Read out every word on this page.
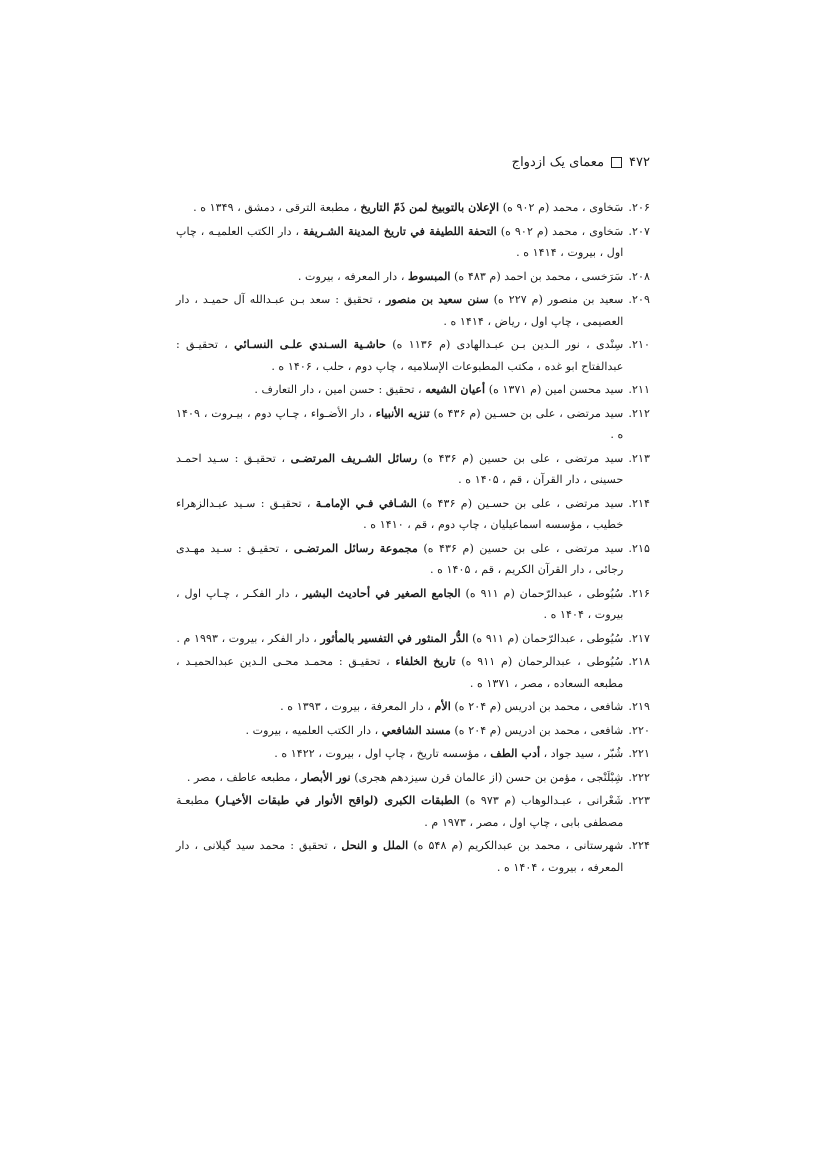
۴۷۲
معمای یک ازدواج
۲۰۶.
سَخاوی ، محمد (م ۹۰۲ ه) الإعلان بالتوبیخ لمن ذَمّ التاریخ ، مطبعة الترقی ، دمشق ، ۱۳۴۹ ه .
۲۰۷.
سَخاوی ، محمد (م ۹۰۲ ه) التحفة اللطیفة في تاریخ المدینة الشـریفة ، دار الکتب العلمیـه ، چاپ اول ، بیروت ، ۱۴۱۴ ه .
۲۰۸.
سَرَخسی ، محمد بن احمد (م ۴۸۳ ه) المبسوط ، دار المعرفه ، بیروت .
۲۰۹.
سعید بن منصور (م ۲۲۷ ه) سنن سعید بن منصور ، تحقیق : سعد بـن عبـدالله آل حمیـد ، دار العصیمی ، چاپ اول ، ریاض ، ۱۴۱۴ ه .
۲۱۰.
سِنْدی ، نور الـدین بـن عبـدالهادی (م ۱۱۳۶ ه) حاشـیة السـندي علـی النسـائي ، تحقیـق : عبدالفتاح ابو غده ، مکتب المطبوعات الإسلامیه ، چاپ دوم ، حلب ، ۱۴۰۶ ه .
۲۱۱.
سید محسن امین (م ۱۳۷۱ ه) أعیان الشیعه ، تحقیق : حسن امین ، دار التعارف .
۲۱۲.
سید مرتضی ، علی بن حسـین (م ۴۳۶ ه) تنزیه الأنبیاء ، دار الأضـواء ، چـاپ دوم ، بیـروت ، ۱۴۰۹ ه .
۲۱۳.
سید مرتضی ، علی بن حسین (م ۴۳۶ ه) رسائل الشـریف المرتضـی ، تحقیـق : سـید احمـد حسینی ، دار القرآن ، قم ، ۱۴۰۵ ه .
۲۱۴.
سید مرتضی ، علی بن حسـین (م ۴۳۶ ه) الشـافي فـي الإمامـة ، تحقیـق : سـید عبـدالزهراء خطیب ، مؤسسه اسماعیلیان ، چاپ دوم ، قم ، ۱۴۱۰ ه .
۲۱۵.
سید مرتضی ، علی بن حسین (م ۴۳۶ ه) مجموعة رسائل المرتضـی ، تحقیـق : سـید مهـدی رجائی ، دار القرآن الکریم ، قم ، ۱۴۰۵ ه .
۲۱۶.
سُیُوطی ، عبدالرّحمان (م ۹۱۱ ه) الجامع الصغیر في أحادیث البشیر ، دار الفکـر ، چـاپ اول ، بیروت ، ۱۴۰۴ ه .
۲۱۷.
سُیُوطی ، عبدالرّحمان (م ۹۱۱ ه) الدُّر المنثور في التفسیر بالمأثور ، دار الفکر ، بیروت ، ۱۹۹۳ م .
۲۱۸.
سُیُوطی ، عبدالرحمان (م ۹۱۱ ه) تاریخ الخلفاء ، تحقیـق : محمـد محـی الـدین عبدالحمیـد ، مطبعه السعاده ، مصر ، ۱۳۷۱ ه .
۲۱۹.
شافعی ، محمد بن ادریس (م ۲۰۴ ه) الأم ، دار المعرفة ، بیروت ، ۱۳۹۳ ه .
۲۲۰.
شافعی ، محمد بن ادریس (م ۲۰۴ ه) مسند الشافعي ، دار الکتب العلمیه ، بیروت .
۲۲۱.
شُبّر ، سید جواد ، أدب الطف ، مؤسسه تاریخ ، چاپ اول ، بیروت ، ۱۴۲۲ ه .
۲۲۲.
شِبْلَنْجی ، مؤمن بن حسن (از عالمان قرن سیزدهم هجری) نور الأبصار ، مطبعه عاطف ، مصر .
۲۲۳.
شَعْرانی ، عبـدالوهاب (م ۹۷۳ ه) الطبقات الکبری (لواقح الأنوار في طبقات الأخیـار) مطبعـة مصطفی بابی ، چاپ اول ، مصر ، ۱۹۷۳ م .
۲۲۴.
شهرستانی ، محمد بن عبدالکریم (م ۵۴۸ ه) الملل و النحل ، تحقیق : محمد سید گیلانی ، دار المعرفه ، بیروت ، ۱۴۰۴ ه .
